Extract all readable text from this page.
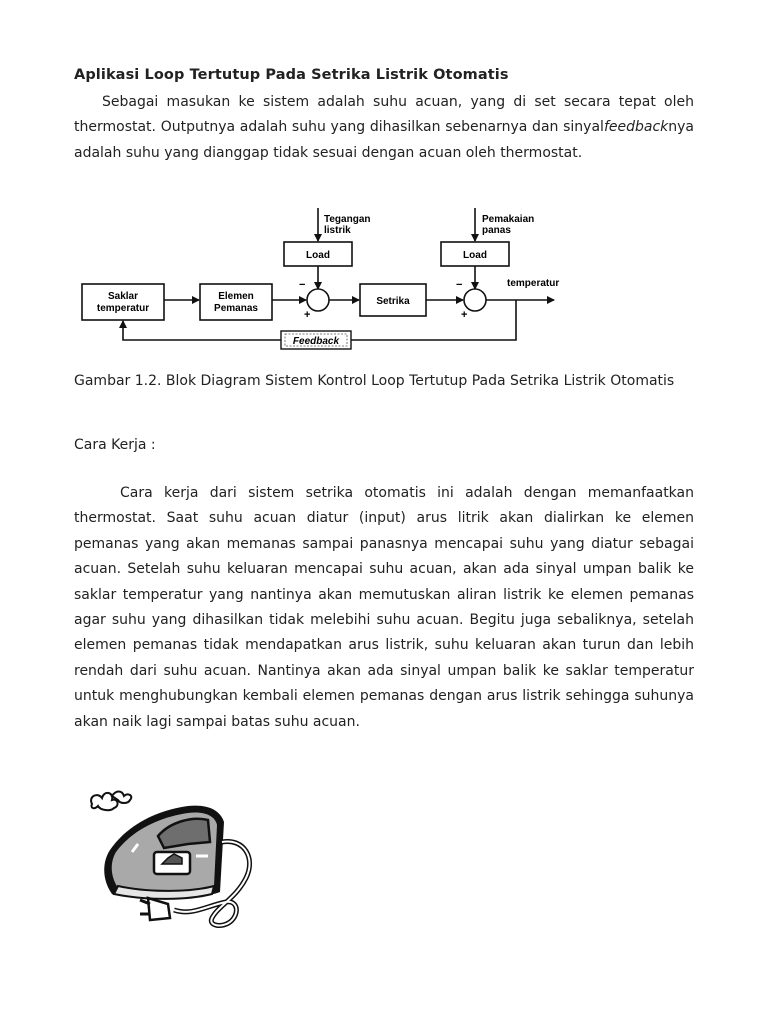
Aplikasi Loop Tertutup Pada Setrika Listrik Otomatis
Sebagai masukan ke sistem adalah suhu acuan, yang di set secara tepat oleh thermostat. Outputnya adalah suhu yang dihasilkan sebenarnya dan sinyalfeedbacknya adalah suhu yang dianggap tidak sesuai dengan acuan oleh thermostat.
Tegangan
listrik
Load
Pemakaian
panas
Load
Saklar
temperatur
Elemen
Pemanas
−
+
Setrika
−
+
temperatur
Feedback
Gambar 1.2. Blok Diagram Sistem Kontrol Loop Tertutup Pada Setrika Listrik Otomatis
Cara Kerja :
Cara kerja dari sistem setrika otomatis ini adalah dengan memanfaatkan thermostat. Saat suhu acuan diatur (input) arus litrik akan dialirkan ke elemen pemanas yang akan memanas sampai panasnya mencapai suhu yang diatur sebagai acuan. Setelah suhu keluaran mencapai suhu acuan, akan ada sinyal umpan balik ke saklar temperatur yang nantinya akan memutuskan aliran listrik ke elemen pemanas agar suhu yang dihasilkan tidak melebihi suhu acuan. Begitu juga sebaliknya, setelah elemen pemanas tidak mendapatkan arus listrik, suhu keluaran akan turun dan lebih rendah dari suhu acuan. Nantinya akan ada sinyal umpan balik ke saklar temperatur untuk menghubungkan kembali elemen pemanas dengan arus listrik sehingga suhunya akan naik lagi sampai batas suhu acuan.
